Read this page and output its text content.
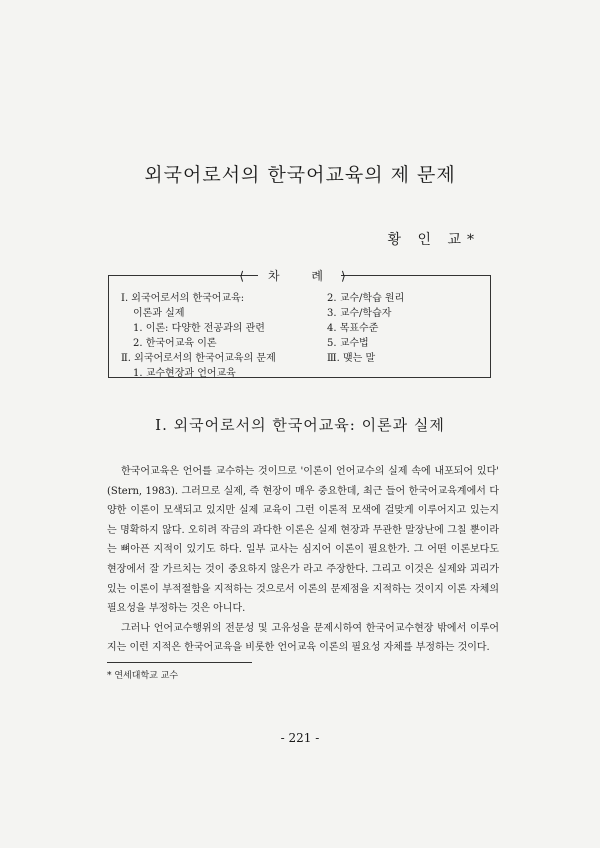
외국어로서의 한국어교육의 제 문제
황 인 교*
⟨ 차 례 ⟩
Ⅰ. 외국어로서의 한국어교육:
이론과 실제
1. 이론: 다양한 전공과의 관련
2. 한국어교육 이론
Ⅱ. 외국어로서의 한국어교육의 문제
1. 교수현장과 언어교육
2. 교수/학습 원리
3. 교수/학습자
4. 목표수준
5. 교수법
Ⅲ. 맺는 말
Ⅰ. 외국어로서의 한국어교육: 이론과 실제

한국어교육은 언어를 교수하는 것이므로 '이론이 언어교수의 실제 속에 내포되어 있다' (Stern, 1983). 그러므로 실제, 즉 현장이 매우 중요한데, 최근 들어 한국어교육계에서 다양한 이론이 모색되고 있지만 실제 교육이 그런 이론적 모색에 걸맞게 이루어지고 있는지는 명확하지 않다. 오히려 작금의 과다한 이론은 실제 현장과 무관한 말장난에 그칠 뿐이라는 뼈아픈 지적이 있기도 하다. 일부 교사는 심지어 이론이 필요한가. 그 어떤 이론보다도 현장에서 잘 가르치는 것이 중요하지 않은가 라고 주장한다. 그리고 이것은 실제와 괴리가 있는 이론이 부적절함을 지적하는 것으로서 이론의 문제점을 지적하는 것이지 이론 자체의 필요성을 부정하는 것은 아니다.

그러나 언어교수행위의 전문성 및 고유성을 문제시하여 한국어교수현장 밖에서 이루어지는 이런 지적은 한국어교육을 비롯한 언어교육 이론의 필요성 자체를 부정하는 것이다.

* 연세대학교 교수
- 221 -
